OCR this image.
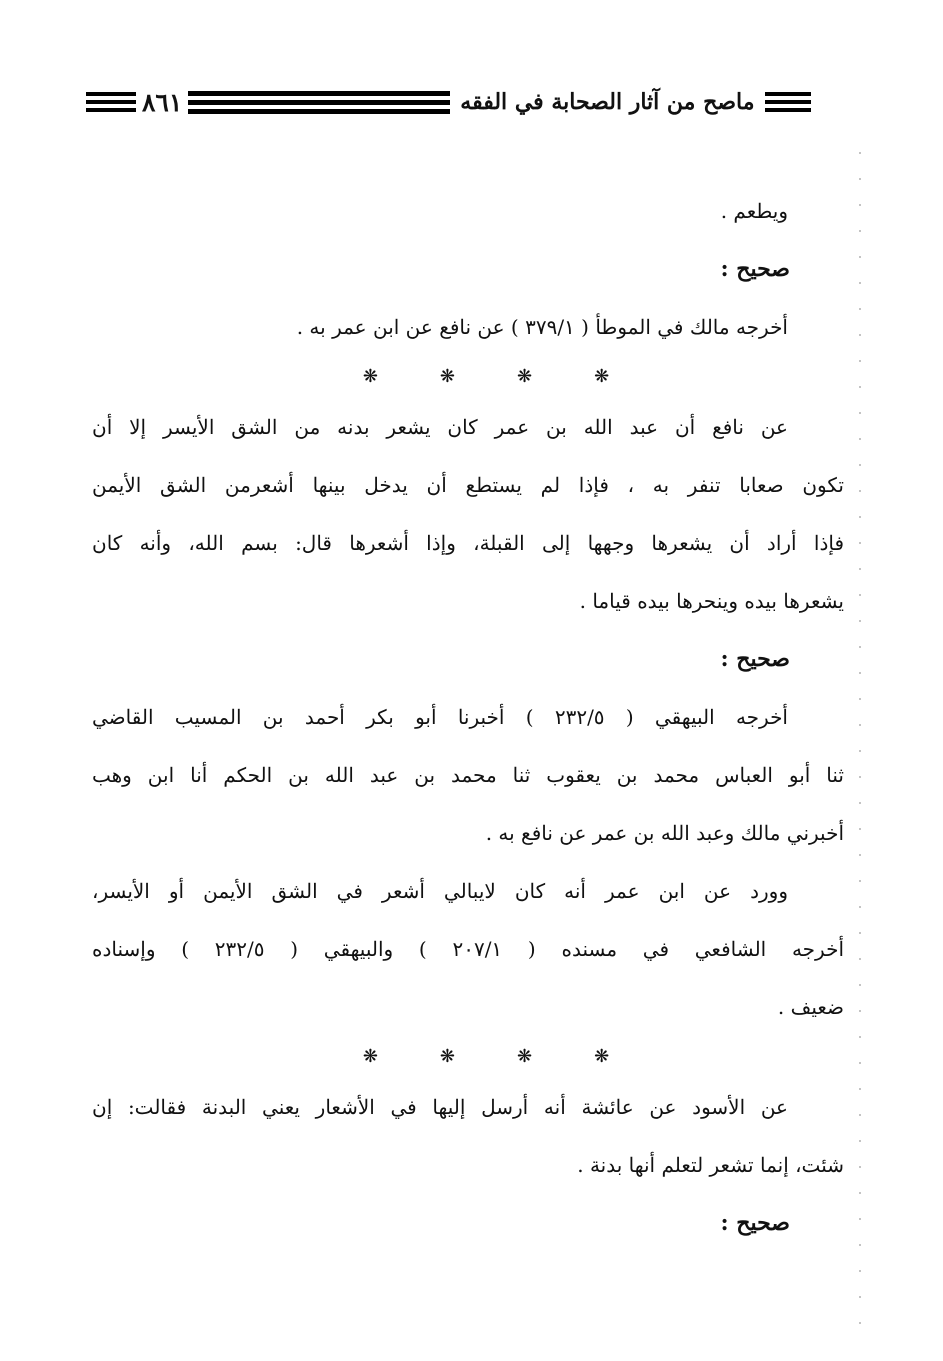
٨٦١	ماصح من آثار الصحابة في الفقه
ويطعم .
صحيح :
أخرجه مالك في الموطأ ( ٣٧٩/١ ) عن نافع عن ابن عمر به .
❋	❋	❋	❋
عن نافع أن عبد الله بن عمر كان يشعر بدنه من الشق الأيسر إلا أن
تكون صعابا تنفر به ، فإذا لم يستطع أن يدخل بينها أشعرمن الشق الأيمن
فإذا أراد أن يشعرها وجهها إلى القبلة، وإذا أشعرها قال: بسم الله، وأنه كان
يشعرها بيده وينحرها بيده قياما .
صحيح :
أخرجه البيهقي ( ٢٣٢/٥ ) أخبرنا أبو بكر أحمد بن المسيب القاضي
ثنا أبو العباس محمد بن يعقوب ثنا محمد بن عبد الله بن الحكم أنا ابن وهب
أخبرني مالك وعبد الله بن عمر عن نافع به .
وورد عن ابن عمر أنه كان لايبالي أشعر في الشق الأيمن أو الأيسر،
أخرجه الشافعي في مسنده ( ٢٠٧/١ ) والبيهقي ( ٢٣٢/٥ ) وإسناده
ضعيف .
❋	❋	❋	❋
عن الأسود عن عائشة أنه أرسل إليها في الأشعار يعني البدنة فقالت: إن
شئت، إنما تشعر لتعلم أنها بدنة .
صحيح :
